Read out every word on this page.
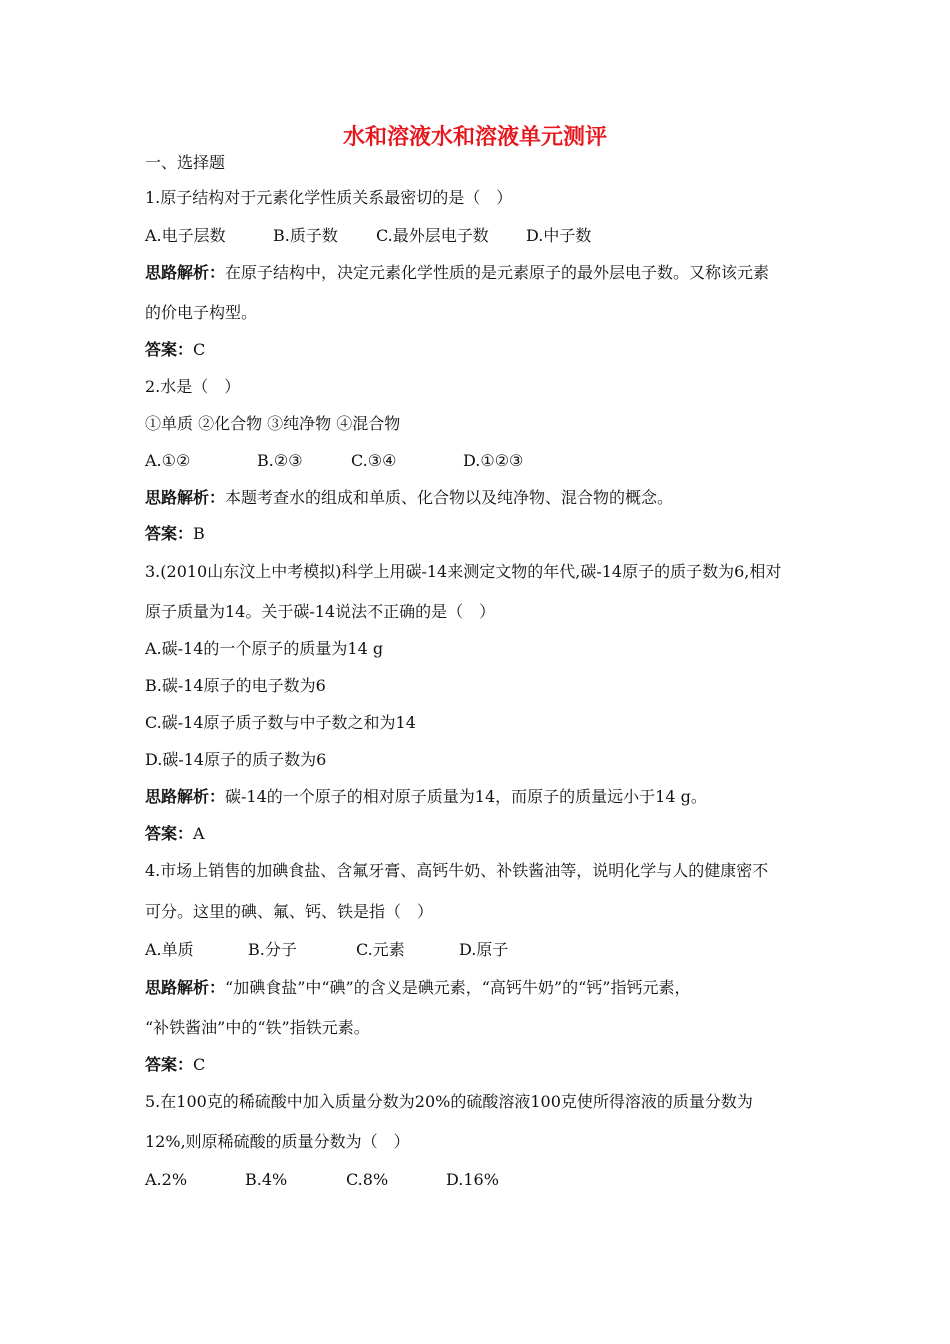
水和溶液水和溶液单元测评
一、选择题
1.原子结构对于元素化学性质关系最密切的是（　）
A.电子层数	B.质子数 C.最外层电子数 D.中子数
思路解析：在原子结构中，决定元素化学性质的是元素原子的最外层电子数。又称该元素
的价电子构型。
答案：C
2.水是（　）
①单质 ②化合物 ③纯净物 ④混合物
A.①②	B.②③	C.③④	D.①②③
思路解析：本题考查水的组成和单质、化合物以及纯净物、混合物的概念。
答案：B
3.(2010山东汶上中考模拟)科学上用碳-14来测定文物的年代,碳-14原子的质子数为6,相对
原子质量为14。关于碳-14说法不正确的是（　）
A.碳-14的一个原子的质量为14 g
B.碳-14原子的电子数为6
C.碳-14原子质子数与中子数之和为14
D.碳-14原子的质子数为6
思路解析：碳-14的一个原子的相对原子质量为14，而原子的质量远小于14 g。
答案：A
4.市场上销售的加碘食盐、含氟牙膏、高钙牛奶、补铁酱油等，说明化学与人的健康密不
可分。这里的碘、氟、钙、铁是指（　）
A.单质	B.分子	C.元素	D.原子
思路解析：“加碘食盐”中“碘”的含义是碘元素，“高钙牛奶”的“钙”指钙元素，
“补铁酱油”中的“铁”指铁元素。
答案：C
5.在100克的稀硫酸中加入质量分数为20%的硫酸溶液100克使所得溶液的质量分数为
12%,则原稀硫酸的质量分数为（　）
A.2%	B.4%	C.8%	D.16%
